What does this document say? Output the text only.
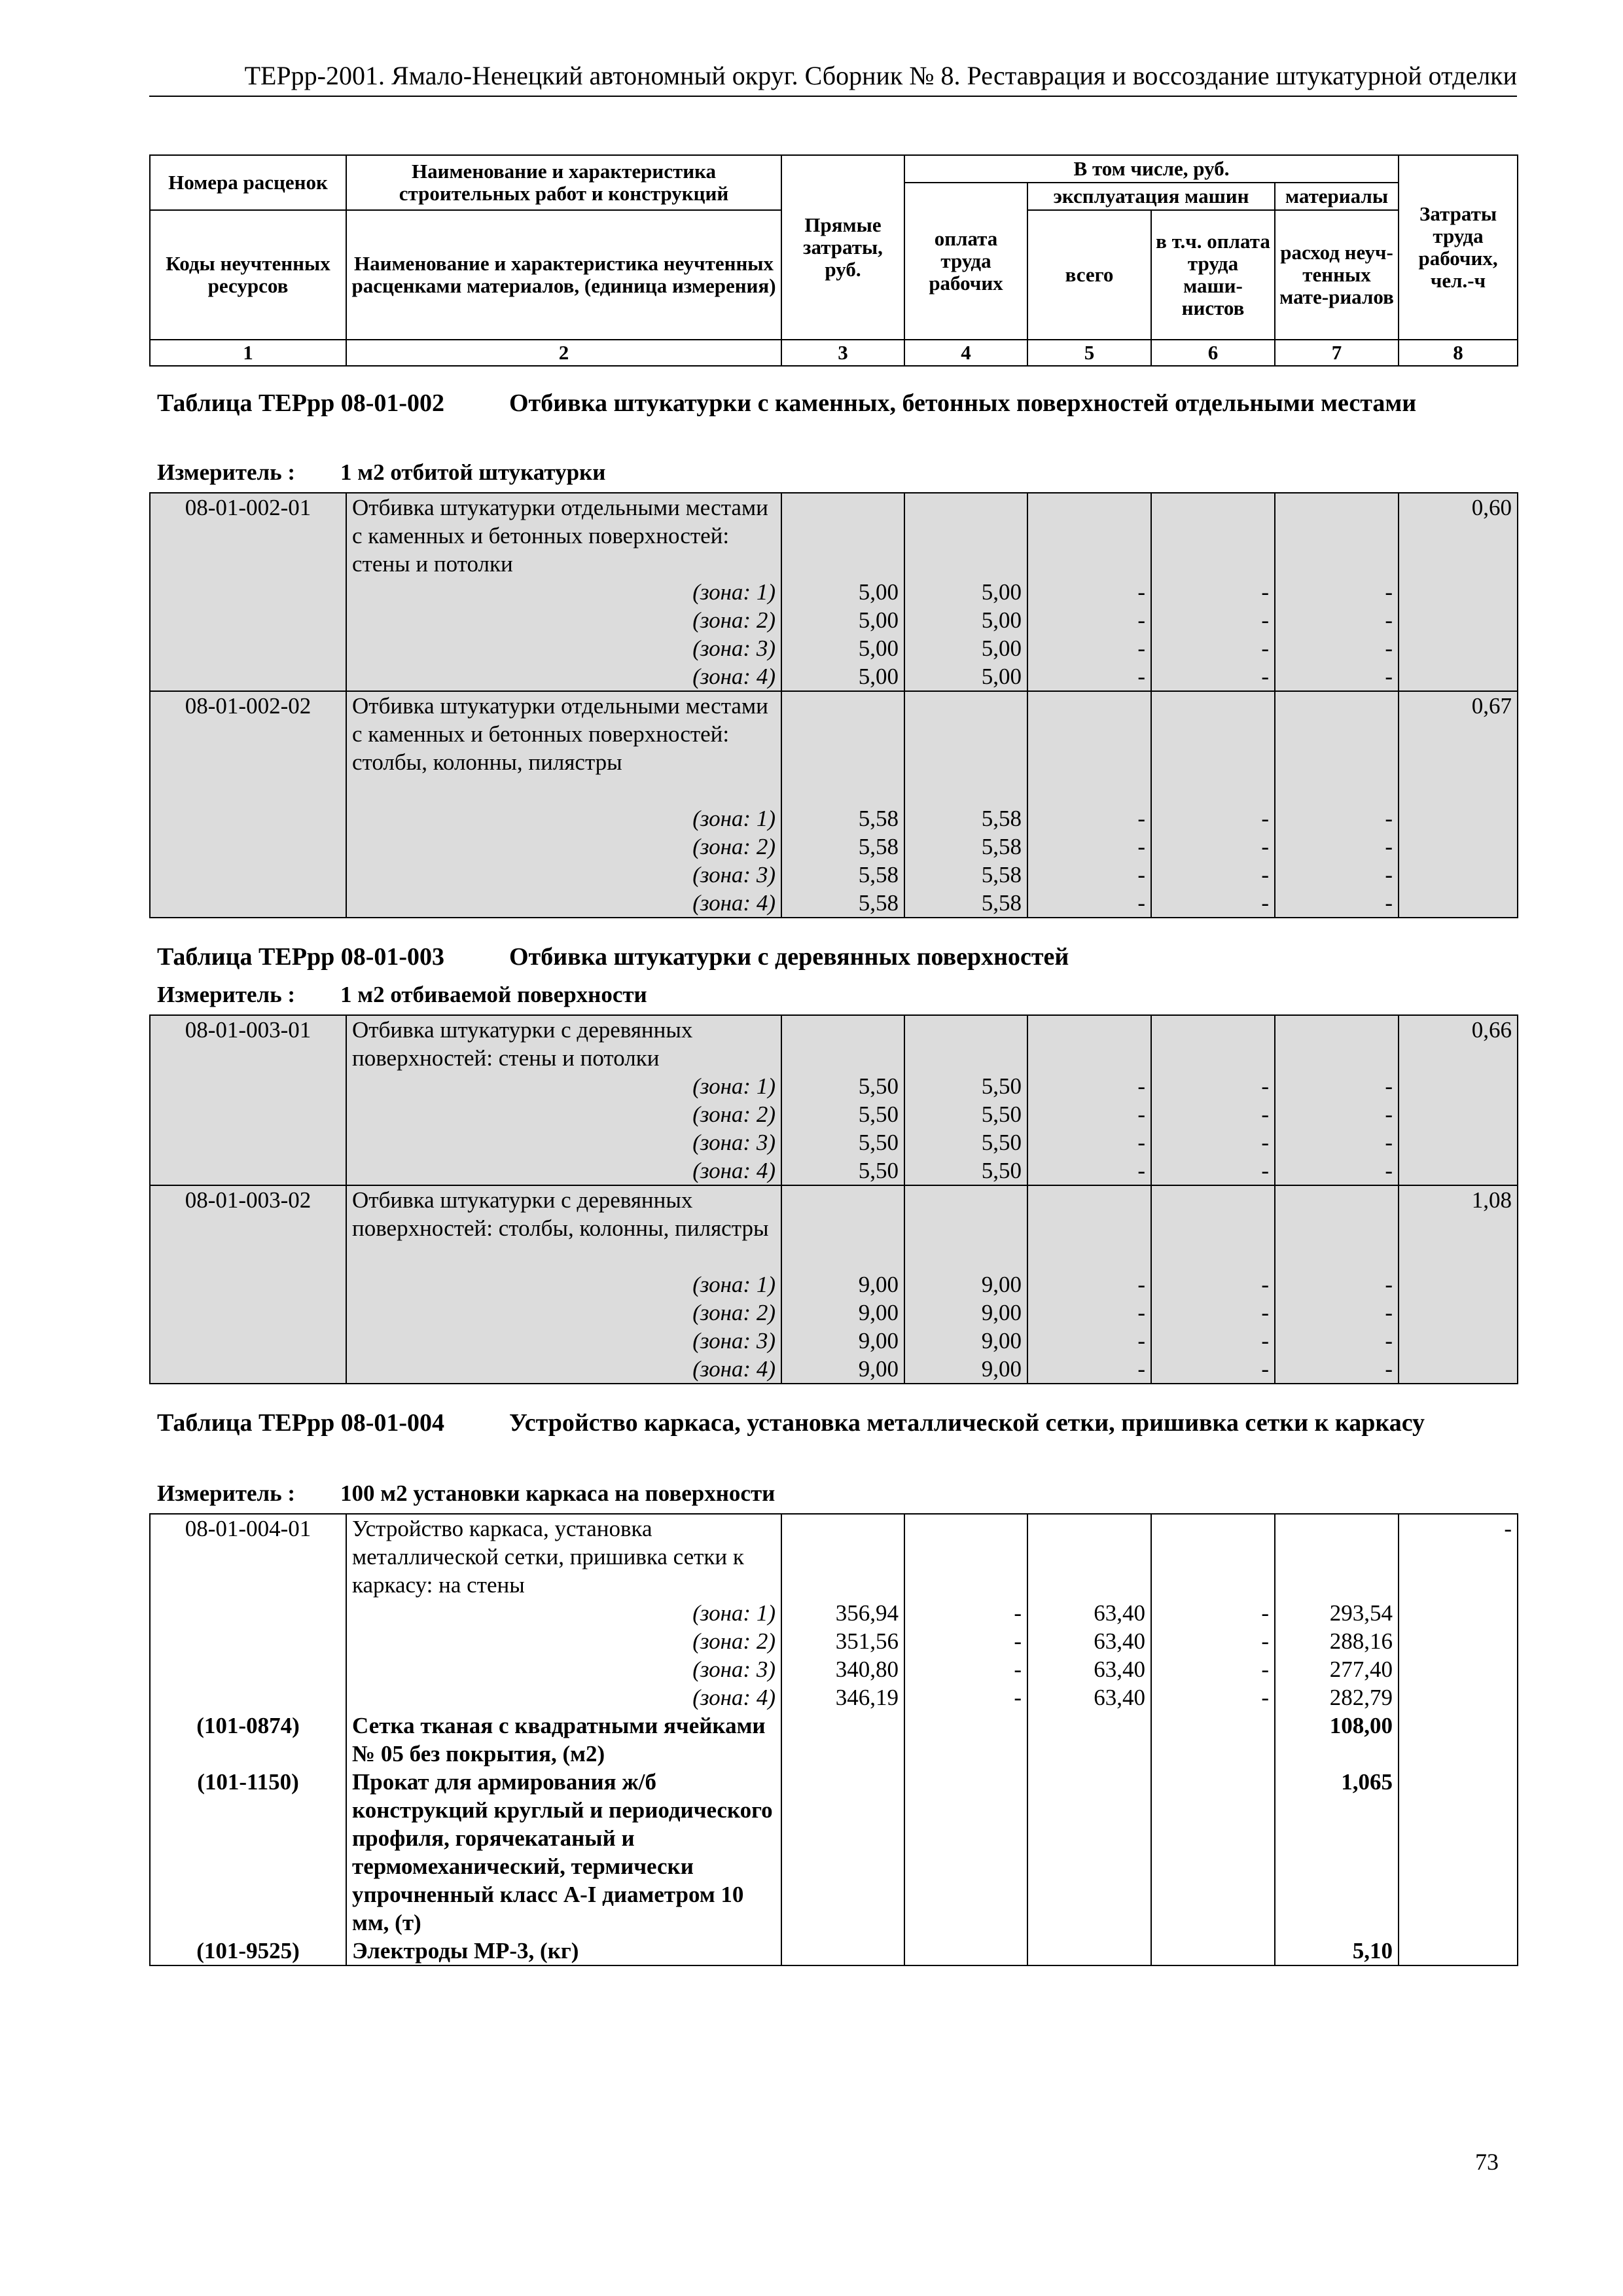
ТЕРрр-2001. Ямало-Ненецкий автономный округ. Сборник № 8. Реставрация и воссоздание штукатурной отделки
Номера расценок	Наименование и характеристика строительных работ и конструкций	Прямые затраты, руб.	В том числе, руб.				Затраты труда рабочих, чел.-ч
			оплата труда рабочих	эксплуатация машин		материалы	
Коды неучтенных ресурсов	Наименование и характеристика неучтенных расценками материалов, (единица измерения)			всего	в т.ч. оплата труда маши-нистов	расход неуч-тенных мате-риалов	
1	2	3	4	5	6	7	8
Таблица ТЕРрр 08-01-002	Отбивка штукатурки с каменных, бетонных поверхностей отдельными местами
Измеритель : 1 м2 отбитой штукатурки
08-01-002-01	Отбивка штукатурки отдельными местами с каменных и бетонных поверхностей: стены и потолки						0,60

	(зона: 1)	5,00	5,00	-	-	-	
	(зона: 2)	5,00	5,00	-	-	-	
	(зона: 3)	5,00	5,00	-	-	-	
	(зона: 4)	5,00	5,00	-	-	-	
08-01-002-02	Отбивка штукатурки отдельными местами с каменных и бетонных поверхностей: столбы, колонны, пилястры						0,67

	(зона: 1)	5,58	5,58	-	-	-	
	(зона: 2)	5,58	5,58	-	-	-	
	(зона: 3)	5,58	5,58	-	-	-	
	(зона: 4)	5,58	5,58	-	-	-	
Таблица ТЕРрр 08-01-003	Отбивка штукатурки с деревянных поверхностей
Измеритель : 1 м2 отбиваемой поверхности
08-01-003-01	Отбивка штукатурки с деревянных поверхностей: стены и потолки						0,66

	(зона: 1)	5,50	5,50	-	-	-	
	(зона: 2)	5,50	5,50	-	-	-	
	(зона: 3)	5,50	5,50	-	-	-	
	(зона: 4)	5,50	5,50	-	-	-	
08-01-003-02	Отбивка штукатурки с деревянных поверхностей: столбы, колонны, пилястры						1,08

	(зона: 1)	9,00	9,00	-	-	-	
	(зона: 2)	9,00	9,00	-	-	-	
	(зона: 3)	9,00	9,00	-	-	-	
	(зона: 4)	9,00	9,00	-	-	-	
Таблица ТЕРрр 08-01-004	Устройство каркаса, установка металлической сетки, пришивка сетки к каркасу
Измеритель : 100 м2 установки каркаса на поверхности
08-01-004-01	Устройство каркаса, установка металлической сетки, пришивка сетки к каркасу: на стены						-

	(зона: 1)	356,94	-	63,40	-	293,54	
	(зона: 2)	351,56	-	63,40	-	288,16	
	(зона: 3)	340,80	-	63,40	-	277,40	
	(зона: 4)	346,19	-	63,40	-	282,79	
(101-0874)	Сетка тканая с квадратными ячейками № 05 без покрытия, (м2)					108,00	
(101-1150)	Прокат для армирования ж/б конструкций круглый и периодического профиля, горячекатаный и термомеханический, термически упрочненный класс А-I диаметром 10 мм, (т)					1,065	
(101-9525)	Электроды МР-3, (кг)					5,10	
73
